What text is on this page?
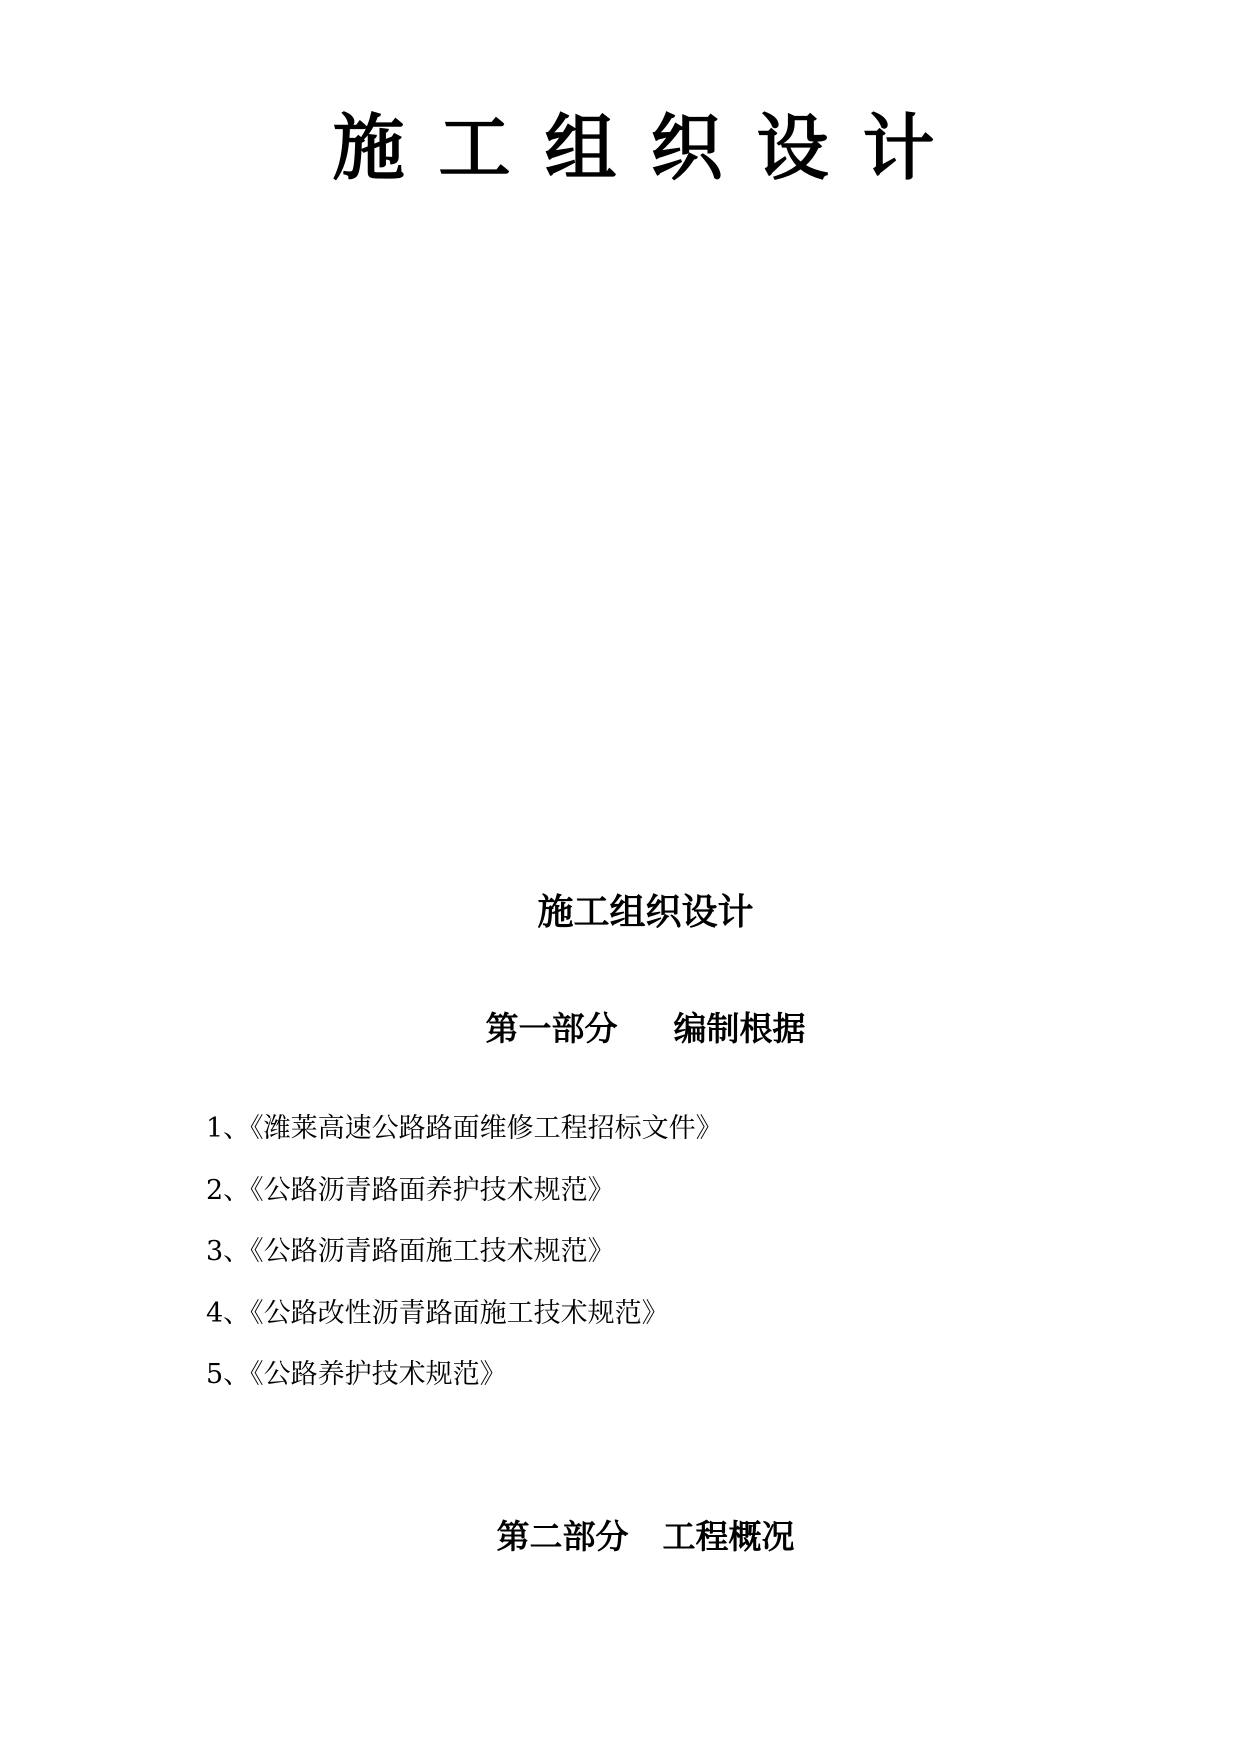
施工组织设计
施工组织设计
第一部分 编制根据
1、《潍莱高速公路路面维修工程招标文件》
2、《公路沥青路面养护技术规范》
3、《公路沥青路面施工技术规范》
4、《公路改性沥青路面施工技术规范》
5、《公路养护技术规范》
第二部分 工程概况
